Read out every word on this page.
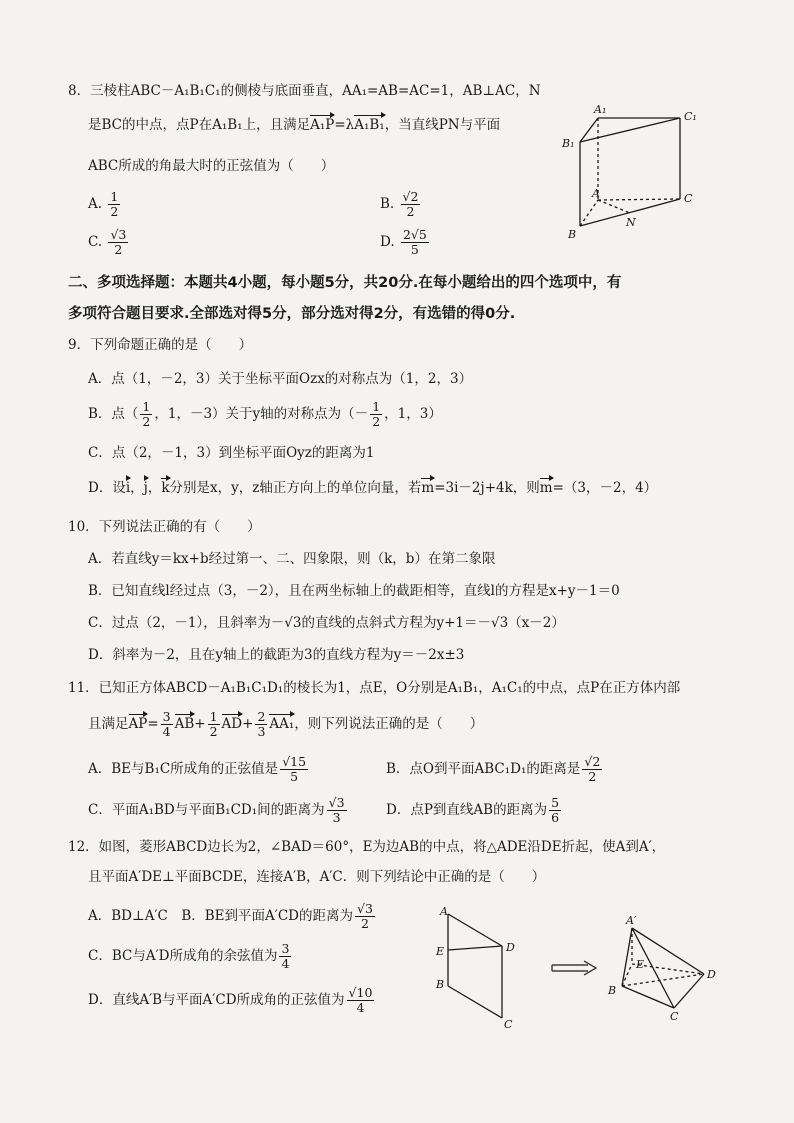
8．三棱柱ABC－A₁B₁C₁的侧棱与底面垂直，AA₁=AB=AC=1，AB⊥AC，N
是BC的中点，点P在A₁B₁上，且满足A₁P=λA₁B₁，当直线PN与平面
ABC所成的角最大时的正弦值为（　　）
A. $\frac{1}{2}$	B. $\frac{√2}{2}$
C. $\frac{√3}{2}$	D. $\frac{2√5}{5}$
A₁
C₁
B₁
A	C
B
N
二、多项选择题：本题共4小题，每小题5分，共20分.在每小题给出的四个选项中，有
多项符合题目要求.全部选对得5分，部分选对得2分，有选错的得0分.
9．下列命题正确的是（　　）
A．点（1，－2，3）关于坐标平面Ozx的对称点为（1，2，3）
B．点（ $\frac{1}{2}$ ，1，－3）关于y轴的对称点为（－ $\frac{1}{2}$ ，1，3）
C．点（2，－1，3）到坐标平面Oyz的距离为1
D．设i，j，k分别是x，y，z轴正方向上的单位向量，若m=3i－2j+4k，则m=（3，－2，4）
10．下列说法正确的有（　　）
A．若直线y＝kx+b经过第一、二、四象限，则（k，b）在第二象限
B．已知直线l经过点（3，－2），且在两坐标轴上的截距相等，直线l的方程是x+y－1＝0
C．过点（2，－1），且斜率为－√3的直线的点斜式方程为y+1＝－√3（x－2）
D．斜率为－2，且在y轴上的截距为3的直线方程为y＝－2x±3
11．已知正方体ABCD－A₁B₁C₁D₁的棱长为1，点E，O分别是A₁B₁，A₁C₁的中点，点P在正方体内部
且满足$AP= \frac{3}{4} AB+ \frac{1}{2} AD+ \frac{2}{3} AA_1$，则下列说法正确的是（　　）
A．BE与B₁C所成角的正弦值是 $\frac{√15}{5}$	B．点O到平面ABC₁D₁的距离是 $\frac{√2}{2}$
C．平面A₁BD与平面B₁CD₁间的距离为 $\frac{√3}{3}$	D．点P到直线AB的距离为 $\frac{5}{6}$
12．如图，菱形ABCD边长为2，∠BAD＝60°，E为边AB的中点，将△ADE沿DE折起，使A到A′，
且平面A′DE⊥平面BCDE，连接A′B，A′C．则下列结论中正确的是（　　）
A．BD⊥A′C　 B．BE到平面A′CD的距离为 $\frac{√3}{2}$
C．BC与A′D所成角的余弦值为 $\frac{3}{4}$
D．直线A′B与平面A′CD所成角的正弦值为 $\frac{√10}{4}$
A
E	D
B
C
A′
E
D
B
C
